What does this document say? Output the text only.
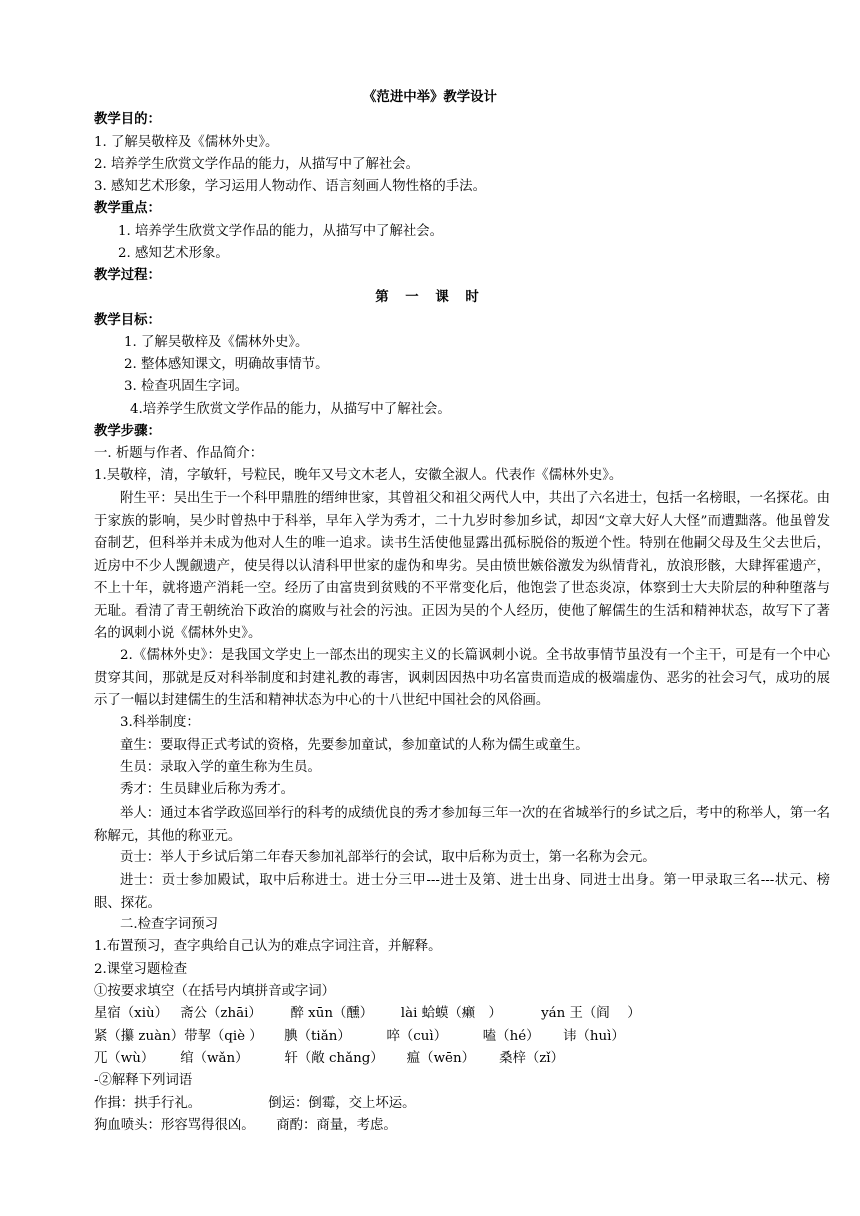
《范进中举》教学设计
教学目的：
1. 了解吴敬梓及《儒林外史》。
2. 培养学生欣赏文学作品的能力，从描写中了解社会。
3. 感知艺术形象，学习运用人物动作、语言刻画人物性格的手法。
教学重点：
1. 培养学生欣赏文学作品的能力，从描写中了解社会。
2. 感知艺术形象。
教学过程：
第 一 课 时
教学目标：
1. 了解吴敬梓及《儒林外史》。
2. 整体感知课文，明确故事情节。
3. 检查巩固生字词。
4.培养学生欣赏文学作品的能力，从描写中了解社会。
教学步骤：
一. 析题与作者、作品简介：
1.吴敬梓，清，字敏轩，号粒民，晚年又号文木老人，安徽全淑人。代表作《儒林外史》。
附生平：吴出生于一个科甲鼎胜的缙绅世家，其曾祖父和祖父两代人中，共出了六名进士，包括一名榜眼，一名探花。由于家族的影响，吴少时曾热中于科举，早年入学为秀才，二十九岁时参加乡试，却因“文章大好人大怪”而遭黜落。他虽曾发奋制艺，但科举并未成为他对人生的唯一追求。读书生活使他显露出孤标脱俗的叛逆个性。特别在他嗣父母及生父去世后，近房中不少人觊觎遗产，使吴得以认清科甲世家的虚伪和卑劣。吴由愤世嫉俗激发为纵情背礼，放浪形骸，大肆挥霍遗产，不上十年，就将遗产消耗一空。经历了由富贵到贫贱的不平常变化后，他饱尝了世态炎凉，体察到士大夫阶层的种种堕落与无耻。看清了青王朝统治下政治的腐败与社会的污浊。正因为吴的个人经历，使他了解儒生的生活和精神状态，故写下了著名的讽刺小说《儒林外史》。
2.《儒林外史》：是我国文学史上一部杰出的现实主义的长篇讽刺小说。全书故事情节虽没有一个主干，可是有一个中心贯穿其间，那就是反对科举制度和封建礼教的毒害，讽刺因因热中功名富贵而造成的极端虚伪、恶劣的社会习气，成功的展示了一幅以封建儒生的生活和精神状态为中心的十八世纪中国社会的风俗画。
3.科举制度：
童生：要取得正式考试的资格，先要参加童试，参加童试的人称为儒生或童生。
生员：录取入学的童生称为生员。
秀才：生员肆业后称为秀才。
举人：通过本省学政巡回举行的科考的成绩优良的秀才参加每三年一次的在省城举行的乡试之后，考中的称举人，第一名称解元，其他的称亚元。
贡士：举人于乡试后第二年春天参加礼部举行的会试，取中后称为贡士，第一名称为会元。
进士：贡士参加殿试，取中后称进士。进士分三甲---进士及第、进士出身、同进士出身。第一甲录取三名---状元、榜眼、探花。
二.检查字词预习
1.布置预习，查字典给自己认为的难点字词注音，并解释。
2.课堂习题检查
①按要求填空（在括号内填拼音或字词）
星宿（xiù） 斋公（zhāi） 醉 xūn（醺） lài 蛤蟆（癞　）	yán 王（阎　 ）
紧（攥 zuàn）带挈（qiè ） 腆（tiǎn）	啐（cuì）	嗑（hé） 讳（huì）
兀（wù） 绾（wǎn）	轩（敞 chǎng） 瘟（wēn） 桑梓（zǐ）
-②解释下列词语
作揖：拱手行礼。	倒运：倒霉，交上坏运。
狗血喷头：形容骂得很凶。 商酌：商量，考虑。
